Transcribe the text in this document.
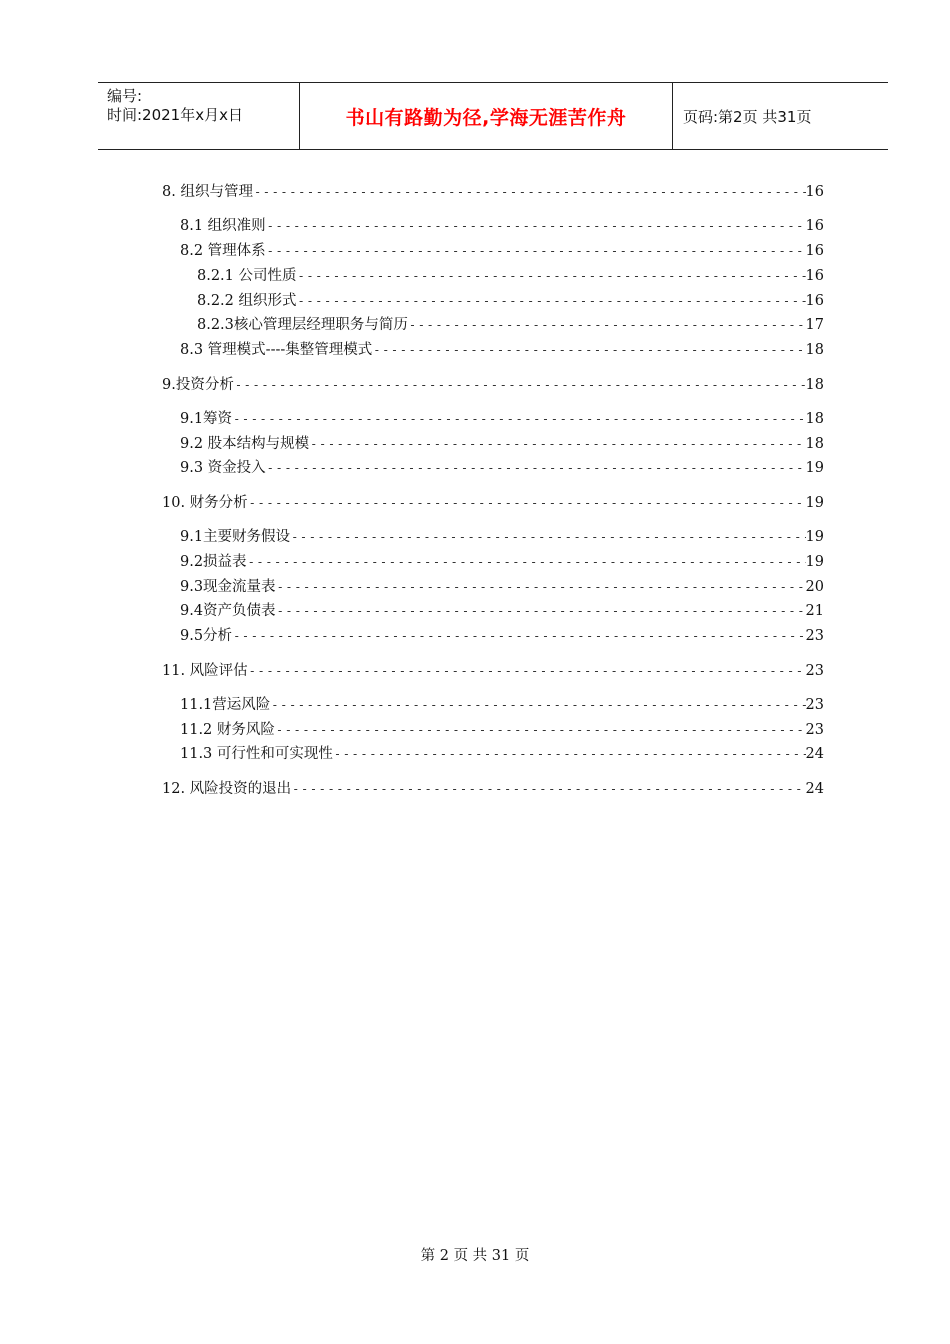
编号:
时间:2021年x月x日	书山有路勤为径,学海无涯苦作舟	页码:第2页 共31页
8. 组织与管理 -----	16
8.1 组织准则 -----	16
8.2 管理体系 -----	16
8.2.1 公司性质 -----	16
8.2.2 组织形式 -----	16
8.2.3核心管理层经理职务与简历 -----	17
8.3 管理模式----集整管理模式 -----	18
9.投资分析 -----	18
9.1筹资 -----	18
9.2 股本结构与规模 -----	18
9.3 资金投入 -----	19
10. 财务分析 -----	19
9.1主要财务假设 -----	19
9.2损益表 -----	19
9.3现金流量表 -----	20
9.4资产负债表 -----	21
9.5分析 -----	23
11. 风险评估 -----	23
11.1营运风险 -----	23
11.2 财务风险 -----	23
11.3 可行性和可实现性 -----	24
12. 风险投资的退出 -----	24
第 2 页 共 31 页
